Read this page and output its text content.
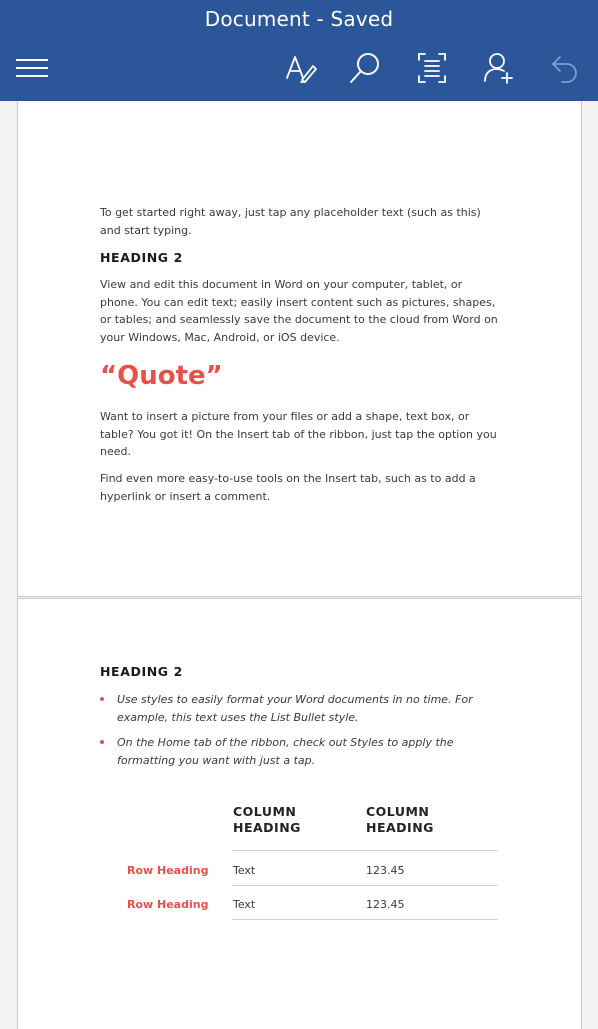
Document - Saved

To get started right away, just tap any placeholder text (such as this) and start typing.

HEADING 2

View and edit this document in Word on your computer, tablet, or phone. You can edit text; easily insert content such as pictures, shapes, or tables; and seamlessly save the document to the cloud from Word on your Windows, Mac, Android, or iOS device.

“Quote”

Want to insert a picture from your files or add a shape, text box, or table? You got it! On the Insert tab of the ribbon, just tap the option you need.

Find even more easy-to-use tools on the Insert tab, such as to add a hyperlink or insert a comment.

HEADING 2

Use styles to easily format your Word documents in no time. For example, this text uses the List Bullet style.
On the Home tab of the ribbon, check out Styles to apply the formatting you want with just a tap.
COLUMN HEADING
COLUMN HEADING
Row Heading Text	123.45
Row Heading Text	123.45
